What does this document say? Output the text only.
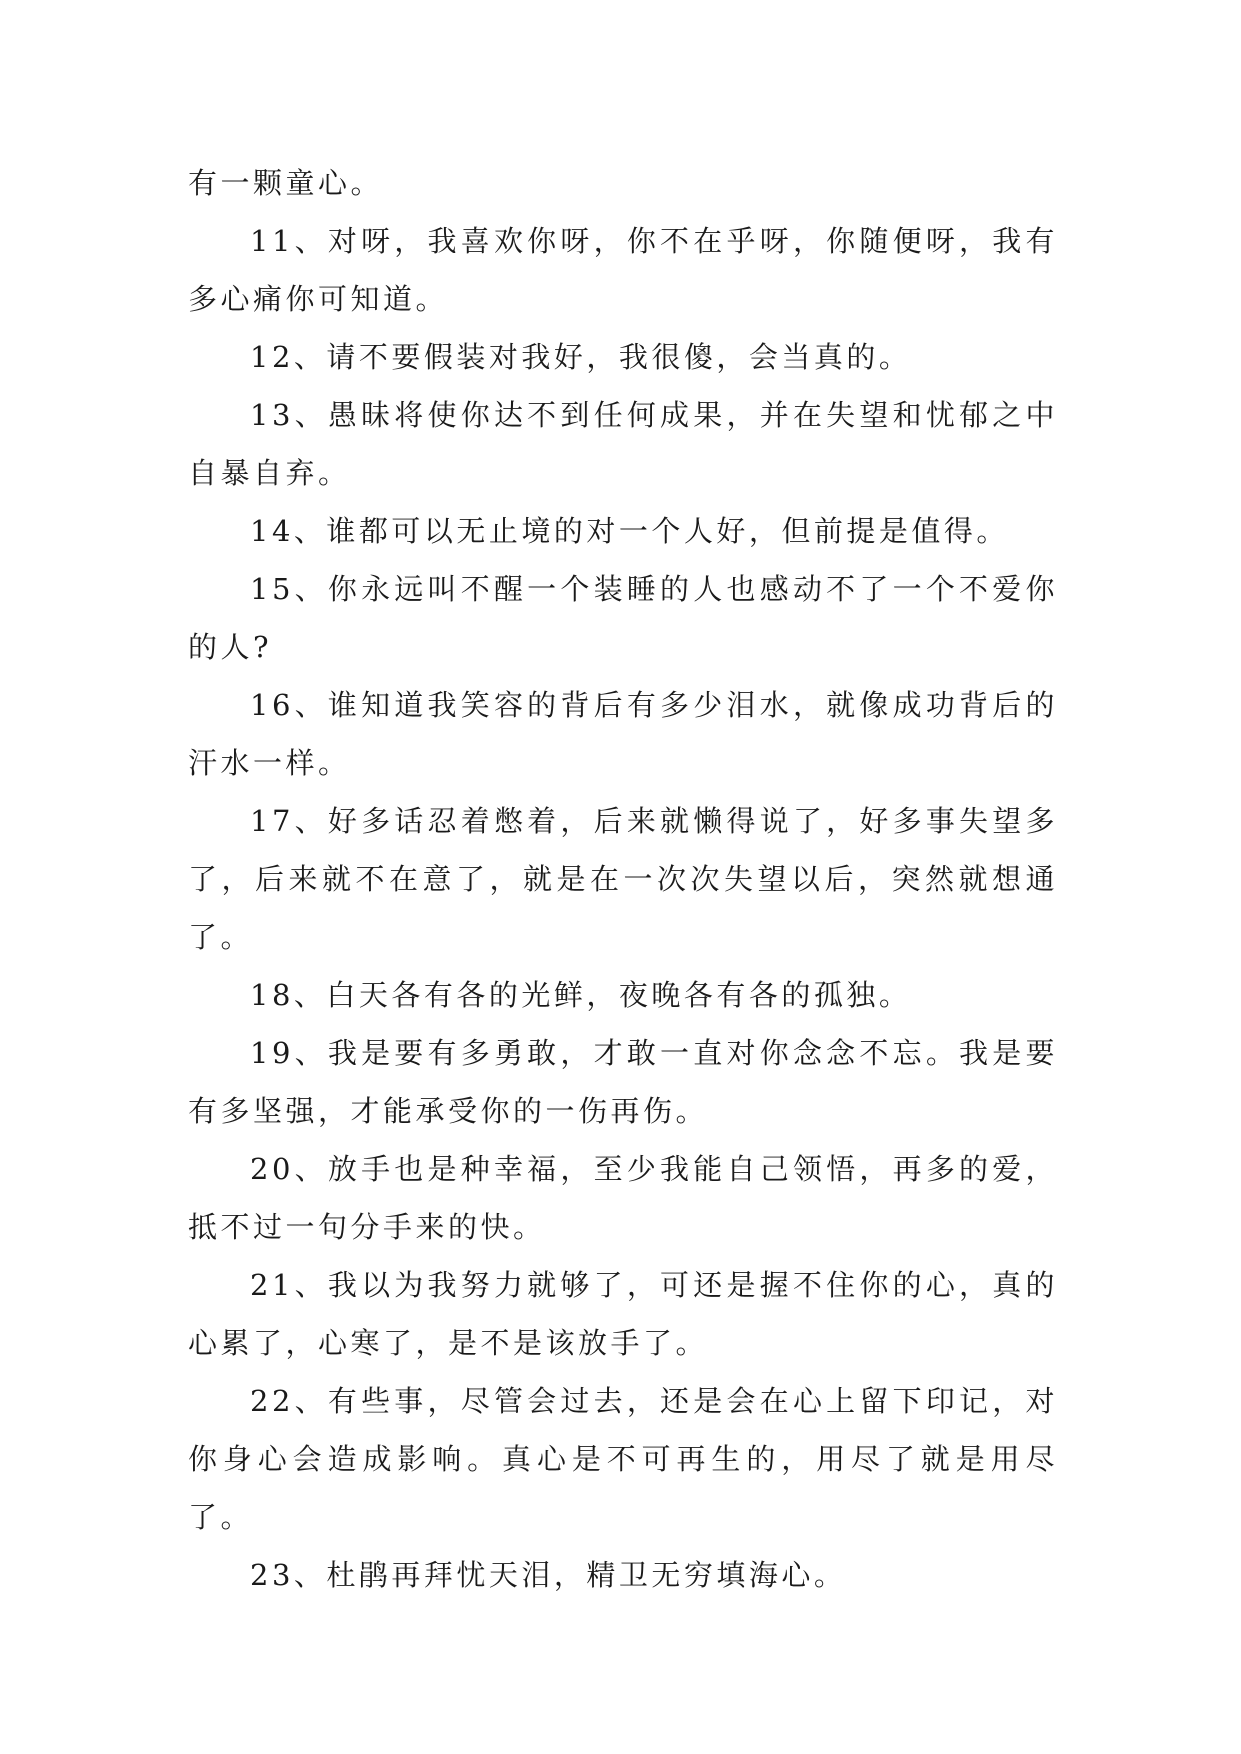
有一颗童心。

11、对呀，我喜欢你呀，你不在乎呀，你随便呀，我有多心痛你可知道。

12、请不要假装对我好，我很傻，会当真的。

13、愚昧将使你达不到任何成果，并在失望和忧郁之中自暴自弃。

14、谁都可以无止境的对一个人好，但前提是值得。

15、你永远叫不醒一个装睡的人也感动不了一个不爱你的人?

16、谁知道我笑容的背后有多少泪水，就像成功背后的汗水一样。

17、好多话忍着憋着，后来就懒得说了，好多事失望多了，后来就不在意了，就是在一次次失望以后，突然就想通了。

18、白天各有各的光鲜，夜晚各有各的孤独。

19、我是要有多勇敢，才敢一直对你念念不忘。我是要有多坚强，才能承受你的一伤再伤。

20、放手也是种幸福，至少我能自己领悟，再多的爱，抵不过一句分手来的快。

21、我以为我努力就够了，可还是握不住你的心，真的心累了，心寒了，是不是该放手了。

22、有些事，尽管会过去，还是会在心上留下印记，对你身心会造成影响。真心是不可再生的，用尽了就是用尽了。

23、杜鹃再拜忧天泪，精卫无穷填海心。
